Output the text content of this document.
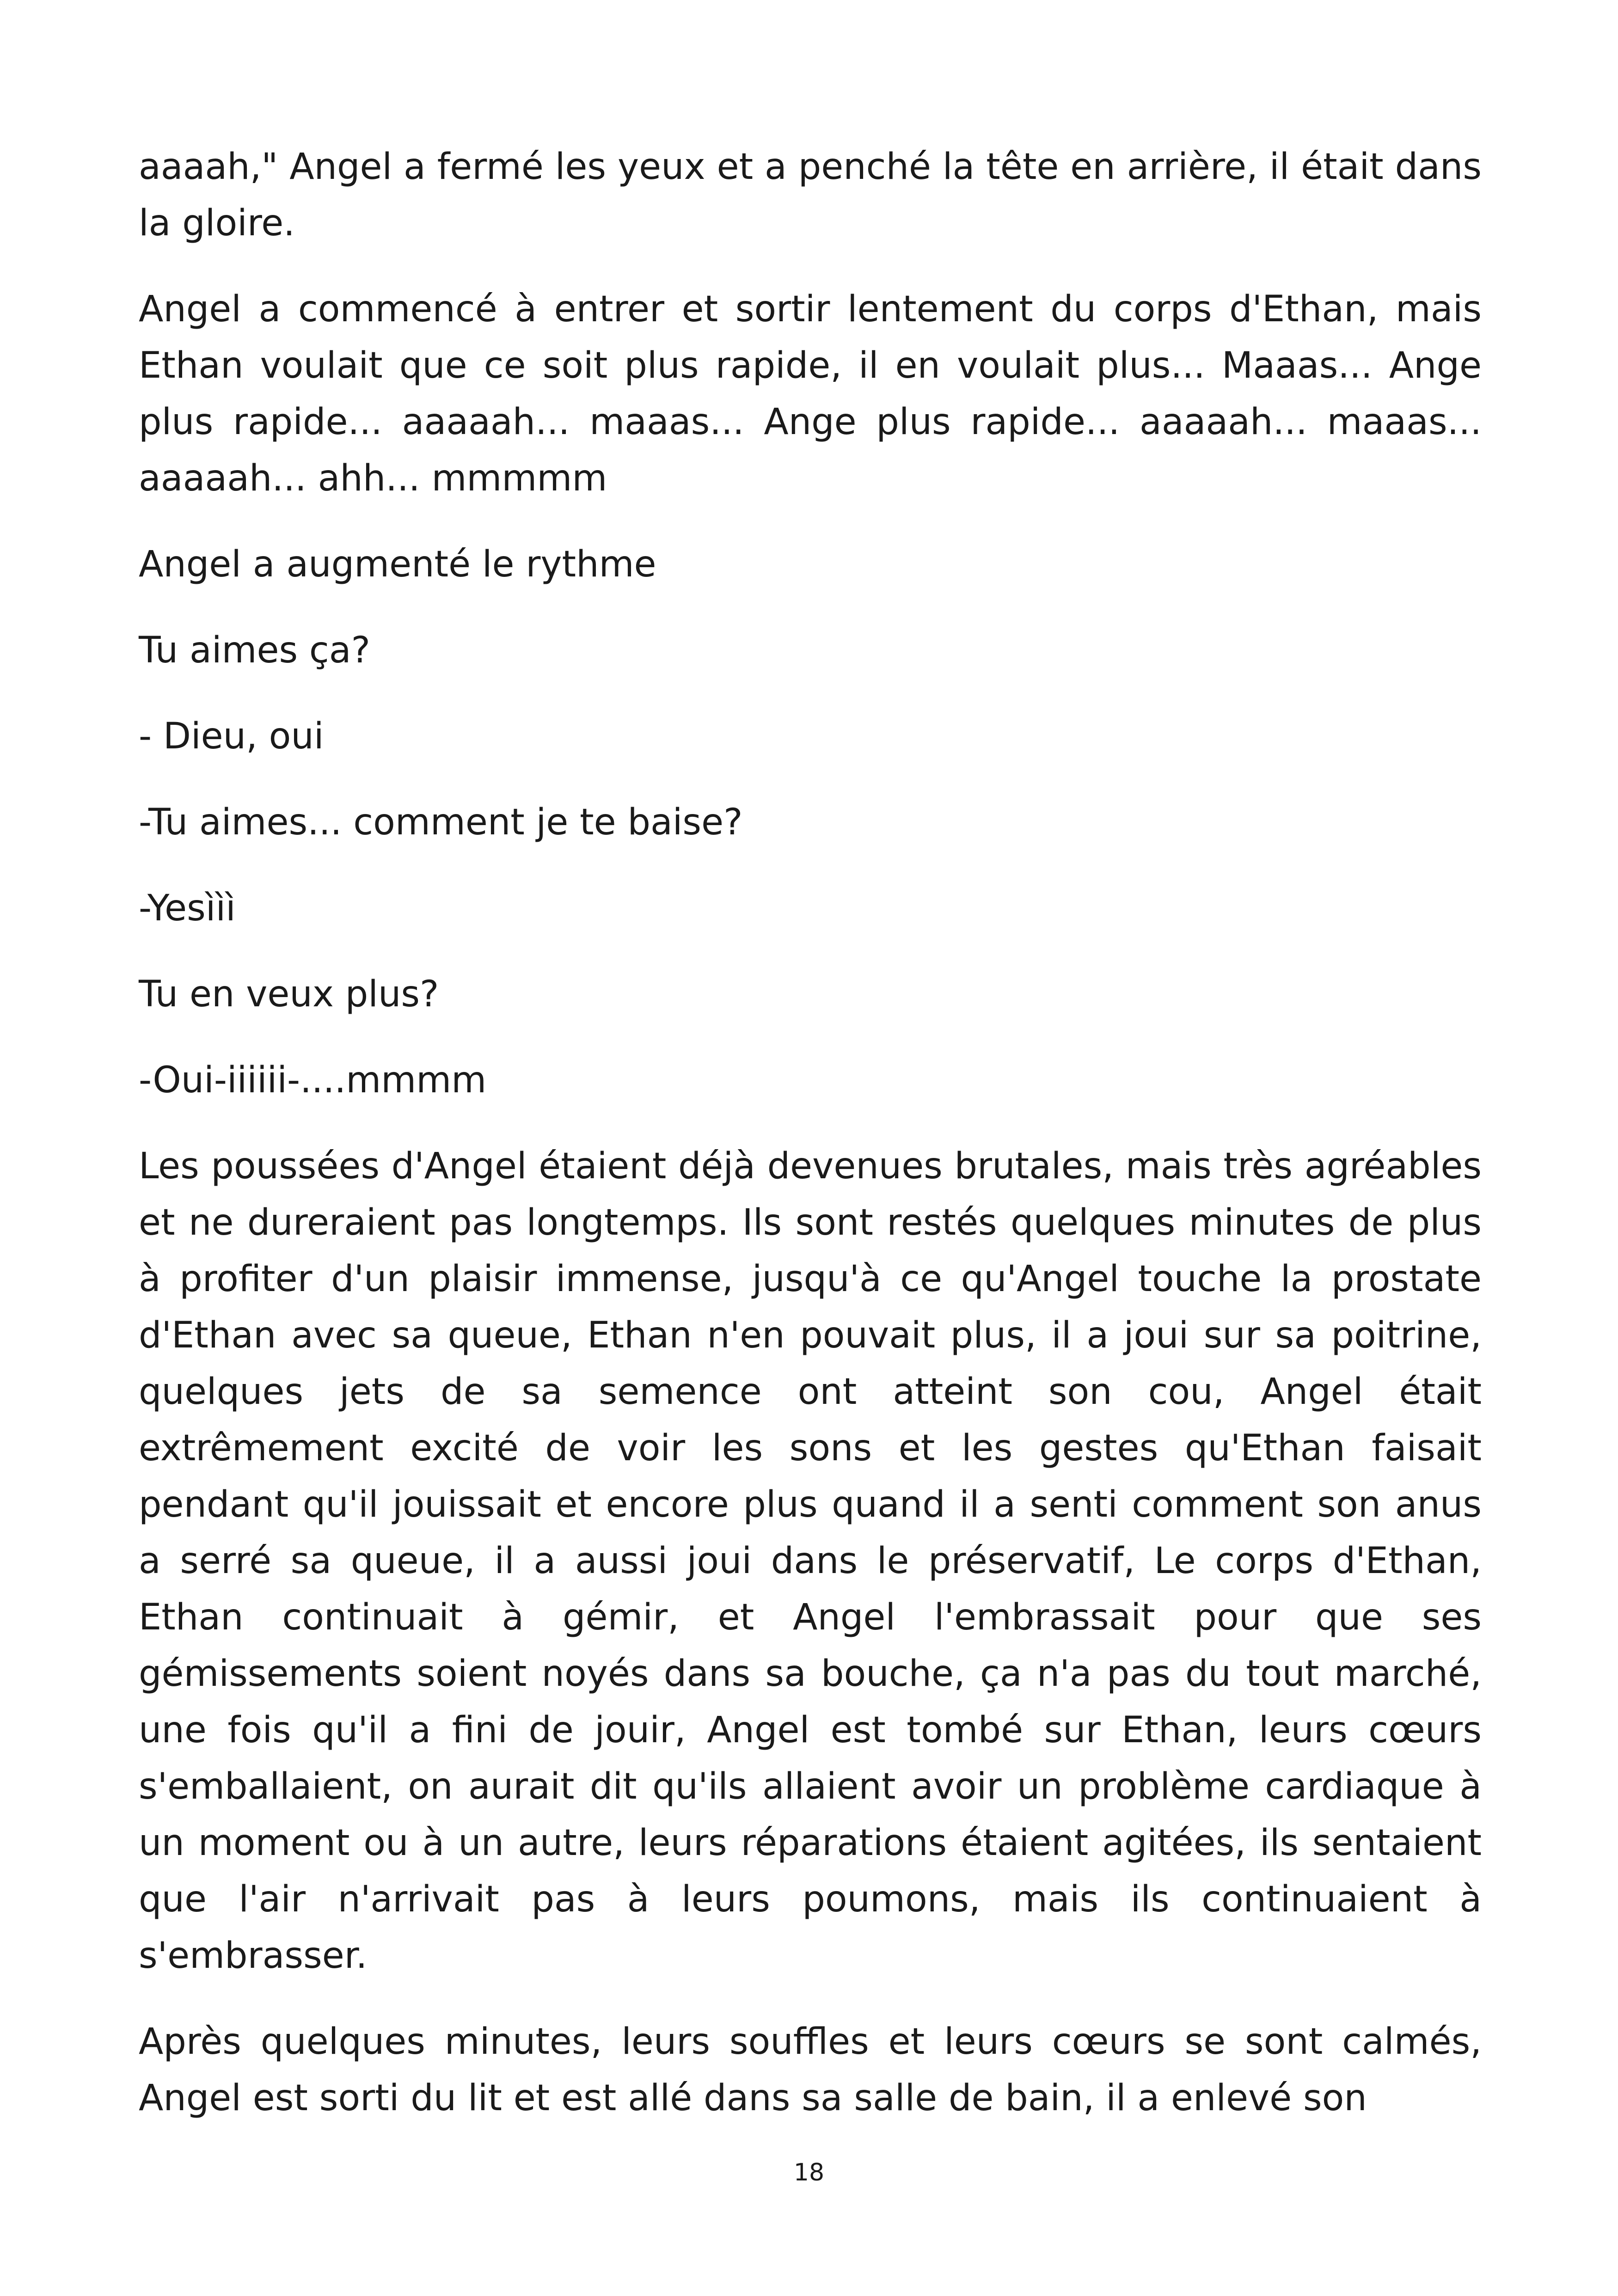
aaaah," Angel a fermé les yeux et a penché la tête en arrière, il était dans la gloire.

Angel a commencé à entrer et sortir lentement du corps d'Ethan, mais Ethan voulait que ce soit plus rapide, il en voulait plus... Maaas... Ange plus rapide... aaaaah... maaas... Ange plus rapide... aaaaah... maaas... aaaaah... ahh... mmmmm

Angel a augmenté le rythme

Tu aimes ça?

- Dieu, oui

-Tu aimes... comment je te baise?

-Yesììì

Tu en veux plus?

-Oui-iiiiii-....mmmm

Les poussées d'Angel étaient déjà devenues brutales, mais très agréables et ne dureraient pas longtemps. Ils sont restés quelques minutes de plus à profiter d'un plaisir immense, jusqu'à ce qu'Angel touche la prostate d'Ethan avec sa queue, Ethan n'en pouvait plus, il a joui sur sa poitrine, quelques jets de sa semence ont atteint son cou, Angel était extrêmement excité de voir les sons et les gestes qu'Ethan faisait pendant qu'il jouissait et encore plus quand il a senti comment son anus a serré sa queue, il a aussi joui dans le préservatif, Le corps d'Ethan, Ethan continuait à gémir, et Angel l'embrassait pour que ses gémissements soient noyés dans sa bouche, ça n'a pas du tout marché, une fois qu'il a fini de jouir, Angel est tombé sur Ethan, leurs cœurs s'emballaient, on aurait dit qu'ils allaient avoir un problème cardiaque à un moment ou à un autre, leurs réparations étaient agitées, ils sentaient que l'air n'arrivait pas à leurs poumons, mais ils continuaient à s'embrasser.

Après quelques minutes, leurs souffles et leurs cœurs se sont calmés, Angel est sorti du lit et est allé dans sa salle de bain, il a enlevé son

18
